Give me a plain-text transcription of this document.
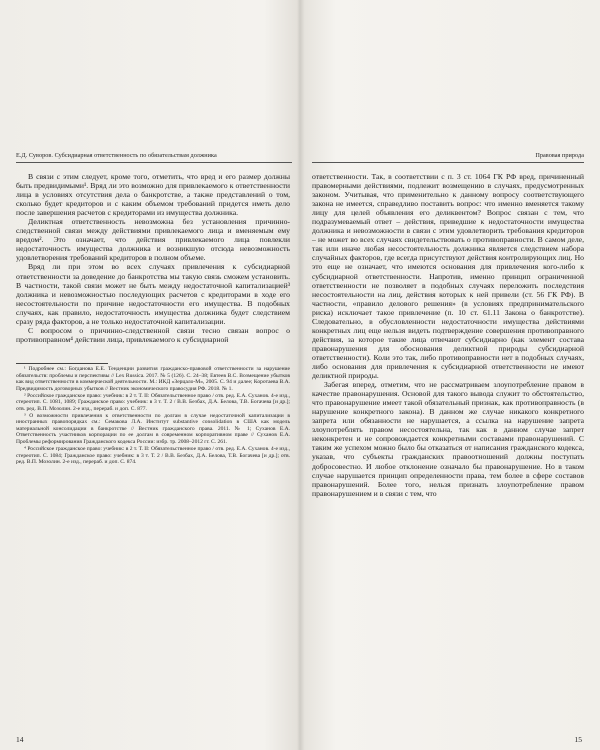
Е.Д. Суворов. Субсидиарная ответственность по обязательствам должника

В связи с этим следует, кроме того, отметить, что вред и его размер должны быть предвидимыми¹. Вряд ли это возможно для привлекаемого к ответственности лица в условиях отсутствия дела о банкротстве, а также представлений о том, сколько будет кредиторов и с каким объемом требований придется иметь дело после завершения расчетов с кредиторами из имущества должника.

Деликтная ответственность невозможна без установления причинно-следственной связи между действиями привлекаемого лица и вменяемым ему вредом². Это означает, что действия привлекаемого лица повлекли недостаточность имущества должника и возникшую отсюда невозможность удовлетворения требований кредиторов в полном объеме.

Вряд ли при этом во всех случаях привлечения к субсидиарной ответственности за доведение до банкротства мы такую связь сможем установить. В частности, такой связи может не быть между недостаточной капитализацией³ должника и невозможностью последующих расчетов с кредиторами в ходе его несостоятельности по причине недостаточности его имущества. В подобных случаях, как правило, недостаточность имущества должника будет следствием сразу ряда факторов, а не только недостаточной капитализации.

С вопросом о причинно-следственной связи тесно связан вопрос о противоправном⁴ действии лица, привлекаемого к субсидиарной

¹ Подробнее см.: Богданова Е.Е. Тенденции развития гражданско-правовой ответственности за нарушение обязательств: проблемы и перспективы // Lex Russica. 2017. № 5 (126). С. 24–38; Евтеев В.С. Возмещение убытков как вид ответственности в коммерческой деятельности. М.: ИКД «Зерцало-М», 2005. С. 94 и далее; Коротаева В.А. Предвидимость договорных убытков // Вестник экономического правосудия РФ. 2018. № 1.

² Российское гражданское право: учебник: в 2 т. Т. II: Обязательственное право / отв. ред. Е.А. Суханов. 4-е изд., стереотип. С. 1081, 1089; Гражданское право: учебник: в 3 т. Т. 2 / В.В. Безбах, Д.А. Белова, Т.В. Богачева [и др.]; отв. ред. В.П. Мозолин. 2-е изд., перераб. и доп. С. 877.

³ О возможности привлечения к ответственности по долгам в случае недостаточной капитализации в иностранных правопорядках см.: Семакова Л.А. Институт substantive consolidation в США как модель материальной консолидации в банкротстве // Вестник гражданского права. 2011. № 1; Суханов Е.А. Ответственность участников корпорации по ее долгам в современном корпоративном праве // Суханов Е.А. Проблемы реформирования Гражданского кодекса России: избр. тр. 2008–2012 гг. С. 261.

⁴ Российское гражданское право: учебник: в 2 т. Т. II: Обязательственное право / отв. ред. Е.А. Суханов. 4-е изд., стереотип. С. 1084; Гражданское право: учебник: в 3 т. Т. 2 / В.В. Безбах, Д.А. Белова, Т.В. Богачева [и др.]; отв. ред. В.П. Мозолин. 2-е изд., перераб. и доп. С. 874.

14
Правовая природа

ответственности. Так, в соответствии с п. 3 ст. 1064 ГК РФ вред, причиненный правомерными действиями, подлежит возмещению в случаях, предусмотренных законом. Учитывая, что применительно к данному вопросу соответствующего закона не имеется, справедливо поставить вопрос: что именно вменяется такому лицу для целей объявления его деликвентом? Вопрос связан с тем, что подразумеваемый ответ – действия, приведшие к недостаточности имущества должника и невозможности в связи с этим удовлетворить требования кредиторов – не может во всех случаях свидетельствовать о противоправности. В самом деле, так или иначе любая несостоятельность должника является следствием набора случайных факторов, где всегда присутствуют действия контролирующих лиц. Но это еще не означает, что имеются основания для привлечения кого-либо к субсидиарной ответственности. Напротив, именно принцип ограниченной ответственности не позволяет в подобных случаях переложить последствия несостоятельности на лиц, действия которых к ней привели (ст. 56 ГК РФ). В частности, «правило делового решения» (в условиях предпринимательского риска) исключает такое привлечение (п. 10 ст. 61.11 Закона о банкротстве). Следовательно, в обусловленности недостаточности имущества действиями конкретных лиц еще нельзя видеть подтверждение совершения противоправного действия, за которое такие лица отвечают субсидиарно (как элемент состава правонарушения для обоснования деликтной природы субсидиарной ответственности). Коли это так, либо противоправности нет в подобных случаях, либо основания для привлечения к субсидиарной ответственности не имеют деликтной природы.

Забегая вперед, отметим, что не рассматриваем злоупотребление правом в качестве правонарушения. Основой для такого вывода служит то обстоятельство, что правонарушение имеет такой обязательный признак, как противоправность (в нарушение конкретного закона). В данном же случае никакого конкретного запрета или обязанности не нарушается, а ссылка на нарушение запрета злоупотреблять правом несостоятельна, так как в данном случае запрет неконкретен и не сопровождается конкретными составами правонарушений. С таким же успехом можно было бы отказаться от написания гражданского кодекса, указав, что субъекты гражданских правоотношений должны поступать добросовестно. И любое отклонение означало бы правонарушение. Но в таком случае нарушается принцип определенности права, тем более в сфере составов правонарушений. Более того, нельзя признать злоупотребление правом правонарушением и в связи с тем, что

15
